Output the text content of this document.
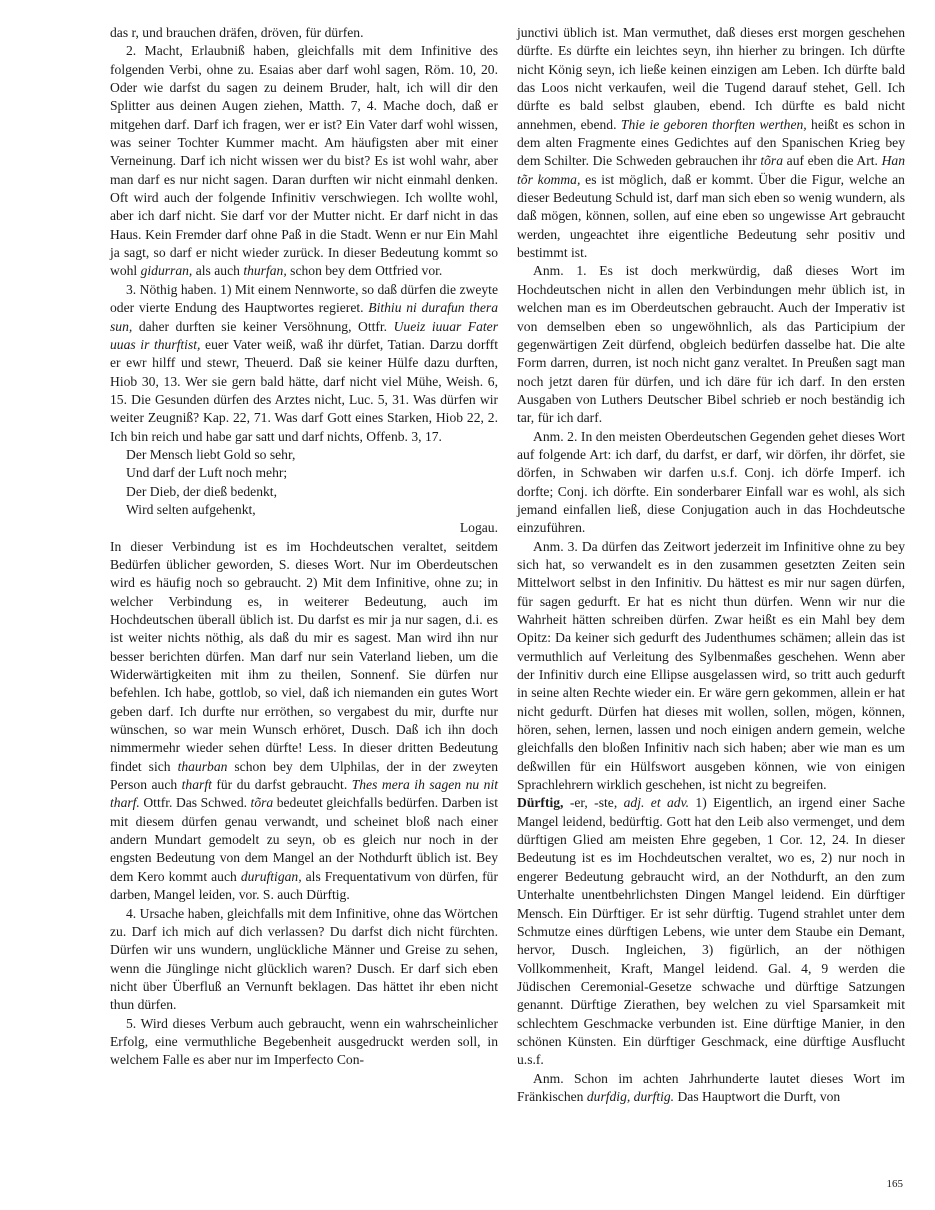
das r, und brauchen dräfen, dröven, für dürfen.

2. Macht, Erlaubniß haben, gleichfalls mit dem Infinitive des folgenden Verbi, ohne zu. Esaias aber darf wohl sagen, Röm. 10, 20. Oder wie darfst du sagen zu deinem Bruder, halt, ich will dir den Splitter aus deinen Augen ziehen, Matth. 7, 4. Mache doch, daß er mitgehen darf. Darf ich fragen, wer er ist? Ein Vater darf wohl wissen, was seiner Tochter Kummer macht. Am häufigsten aber mit einer Verneinung. Darf ich nicht wissen wer du bist? Es ist wohl wahr, aber man darf es nur nicht sagen. Daran durften wir nicht einmahl denken. Oft wird auch der folgende Infinitiv verschwiegen. Ich wollte wohl, aber ich darf nicht. Sie darf vor der Mutter nicht. Er darf nicht in das Haus. Kein Fremder darf ohne Paß in die Stadt. Wenn er nur Ein Mahl ja sagt, so darf er nicht wieder zurück. In dieser Bedeutung kommt so wohl gidurran, als auch thurfan, schon bey dem Ottfried vor.

3. Nöthig haben. 1) Mit einem Nennworte, so daß dürfen die zweyte oder vierte Endung des Hauptwortes regieret. Bithiu ni durafun thera sun, daher durften sie keiner Versöhnung, Ottfr. Uueiz iuuar Fater uuas ir thurftist, euer Vater weiß, waß ihr dürfet, Tatian. Darzu dorfft er ewr hilff und stewr, Theuerd. Daß sie keiner Hülfe dazu durften, Hiob 30, 13. Wer sie gern bald hätte, darf nicht viel Mühe, Weish. 6, 15. Die Gesunden dürfen des Arztes nicht, Luc. 5, 31. Was dürfen wir weiter Zeugniß? Kap. 22, 71. Was darf Gott eines Starken, Hiob 22, 2. Ich bin reich und habe gar satt und darf nichts, Offenb. 3, 17.

Der Mensch liebt Gold so sehr,

Und darf der Luft noch mehr;

Der Dieb, der dieß bedenkt,

Wird selten aufgehenkt,

Logau.

In dieser Verbindung ist es im Hochdeutschen veraltet, seitdem Bedürfen üblicher geworden, S. dieses Wort. Nur im Oberdeutschen wird es häufig noch so gebraucht. 2) Mit dem Infinitive, ohne zu; in welcher Verbindung es, in weiterer Bedeutung, auch im Hochdeutschen überall üblich ist. Du darfst es mir ja nur sagen, d.i. es ist weiter nichts nöthig, als daß du mir es sagest. Man wird ihn nur besser berichten dürfen. Man darf nur sein Vaterland lieben, um die Widerwärtigkeiten mit ihm zu theilen, Sonnenf. Sie dürfen nur befehlen. Ich habe, gottlob, so viel, daß ich niemanden ein gutes Wort geben darf. Ich durfte nur erröthen, so vergabest du mir, durfte nur wünschen, so war mein Wunsch erhöret, Dusch. Daß ich ihn doch nimmermehr wieder sehen dürfte! Less. In dieser dritten Bedeutung findet sich thaurban schon bey dem Ulphilas, der in der zweyten Person auch tharft für du darfst gebraucht. Thes mera ih sagen nu nit tharf. Ottfr. Das Schwed. tõra bedeutet gleichfalls bedürfen. Darben ist mit diesem dürfen genau verwandt, und scheinet bloß nach einer andern Mundart gemodelt zu seyn, ob es gleich nur noch in der engsten Bedeutung von dem Mangel an der Nothdurft üblich ist. Bey dem Kero kommt auch duruftigan, als Frequentativum von dürfen, für darben, Mangel leiden, vor. S. auch Dürftig.

4. Ursache haben, gleichfalls mit dem Infinitive, ohne das Wörtchen zu. Darf ich mich auf dich verlassen? Du darfst dich nicht fürchten. Dürfen wir uns wundern, unglückliche Männer und Greise zu sehen, wenn die Jünglinge nicht glücklich waren? Dusch. Er darf sich eben nicht über Überfluß an Vernunft beklagen. Das hättet ihr eben nicht thun dürfen.

5. Wird dieses Verbum auch gebraucht, wenn ein wahrscheinlicher Erfolg, eine vermuthliche Begebenheit ausgedruckt werden soll, in welchem Falle es aber nur im Imperfecto Con-

junctivi üblich ist. Man vermuthet, daß dieses erst morgen geschehen dürfte. Es dürfte ein leichtes seyn, ihn hierher zu bringen. Ich dürfte nicht König seyn, ich ließe keinen einzigen am Leben. Ich dürfte bald das Loos nicht verkaufen, weil die Tugend darauf stehet, Gell. Ich dürfte es bald selbst glauben, ebend. Ich dürfte es bald nicht annehmen, ebend. Thie ie geboren thorften werthen, heißt es schon in dem alten Fragmente eines Gedichtes auf den Spanischen Krieg bey dem Schilter. Die Schweden gebrauchen ihr tõra auf eben die Art. Han tõr komma, es ist möglich, daß er kommt. Über die Figur, welche an dieser Bedeutung Schuld ist, darf man sich eben so wenig wundern, als daß mögen, können, sollen, auf eine eben so ungewisse Art gebraucht werden, ungeachtet ihre eigentliche Bedeutung sehr positiv und bestimmt ist.

Anm. 1. Es ist doch merkwürdig, daß dieses Wort im Hochdeutschen nicht in allen den Verbindungen mehr üblich ist, in welchen man es im Oberdeutschen gebraucht. Auch der Imperativ ist von demselben eben so ungewöhnlich, als das Participium der gegenwärtigen Zeit dürfend, obgleich bedürfen dasselbe hat. Die alte Form darren, durren, ist noch nicht ganz veraltet. In Preußen sagt man noch jetzt daren für dürfen, und ich däre für ich darf. In den ersten Ausgaben von Luthers Deutscher Bibel schrieb er noch beständig ich tar, für ich darf.

Anm. 2. In den meisten Oberdeutschen Gegenden gehet dieses Wort auf folgende Art: ich darf, du darfst, er darf, wir dörfen, ihr dörfet, sie dörfen, in Schwaben wir darfen u.s.f. Conj. ich dörfe Imperf. ich dorfte; Conj. ich dörfte. Ein sonderbarer Einfall war es wohl, als sich jemand einfallen ließ, diese Conjugation auch in das Hochdeutsche einzuführen.

Anm. 3. Da dürfen das Zeitwort jederzeit im Infinitive ohne zu bey sich hat, so verwandelt es in den zusammen gesetzten Zeiten sein Mittelwort selbst in den Infinitiv. Du hättest es mir nur sagen dürfen, für sagen gedurft. Er hat es nicht thun dürfen. Wenn wir nur die Wahrheit hätten schreiben dürfen. Zwar heißt es ein Mahl bey dem Opitz: Da keiner sich gedurft des Judenthumes schämen; allein das ist vermuthlich auf Verleitung des Sylbenmaßes geschehen. Wenn aber der Infinitiv durch eine Ellipse ausgelassen wird, so tritt auch gedurft in seine alten Rechte wieder ein. Er wäre gern gekommen, allein er hat nicht gedurft. Dürfen hat dieses mit wollen, sollen, mögen, können, hören, sehen, lernen, lassen und noch einigen andern gemein, welche gleichfalls den bloßen Infinitiv nach sich haben; aber wie man es um deßwillen für ein Hülfswort ausgeben können, wie von einigen Sprachlehrern wirklich geschehen, ist nicht zu begreifen.

Dürftig, -er, -ste, adj. et adv. 1) Eigentlich, an irgend einer Sache Mangel leidend, bedürftig. Gott hat den Leib also vermenget, und dem dürftigen Glied am meisten Ehre gegeben, 1 Cor. 12, 24. In dieser Bedeutung ist es im Hochdeutschen veraltet, wo es, 2) nur noch in engerer Bedeutung gebraucht wird, an der Nothdurft, an den zum Unterhalte unentbehrlichsten Dingen Mangel leidend. Ein dürftiger Mensch. Ein Dürftiger. Er ist sehr dürftig. Tugend strahlet unter dem Schmutze eines dürftigen Lebens, wie unter dem Staube ein Demant, hervor, Dusch. Ingleichen, 3) figürlich, an der nöthigen Vollkommenheit, Kraft, Mangel leidend. Gal. 4, 9 werden die Jüdischen Ceremonial-Gesetze schwache und dürftige Satzungen genannt. Dürftige Zierathen, bey welchen zu viel Sparsamkeit mit schlechtem Geschmacke verbunden ist. Eine dürftige Manier, in den schönen Künsten. Ein dürftiger Geschmack, eine dürftige Ausflucht u.s.f.

Anm. Schon im achten Jahrhunderte lautet dieses Wort im Fränkischen durfdig, durftig. Das Hauptwort die Durft, von

165
